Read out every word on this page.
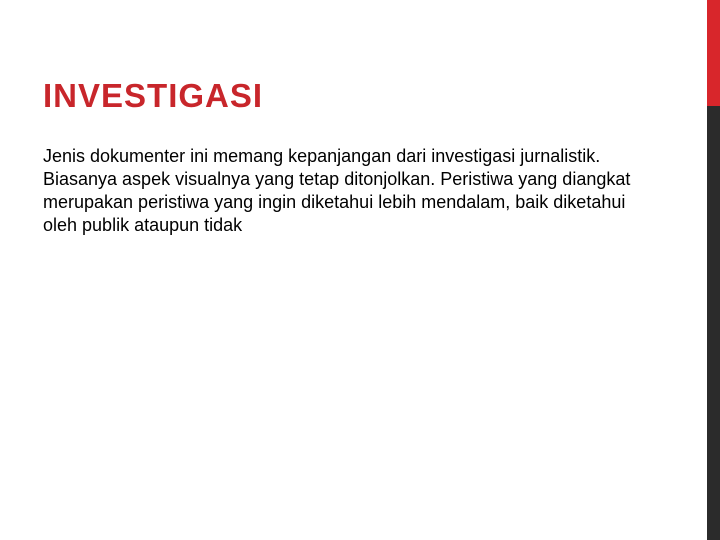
INVESTIGASI

Jenis dokumenter ini memang kepanjangan dari investigasi jurnalistik. Biasanya aspek visualnya yang tetap ditonjolkan. Peristiwa yang diangkat merupakan peristiwa yang ingin diketahui lebih mendalam, baik diketahui oleh publik ataupun tidak
